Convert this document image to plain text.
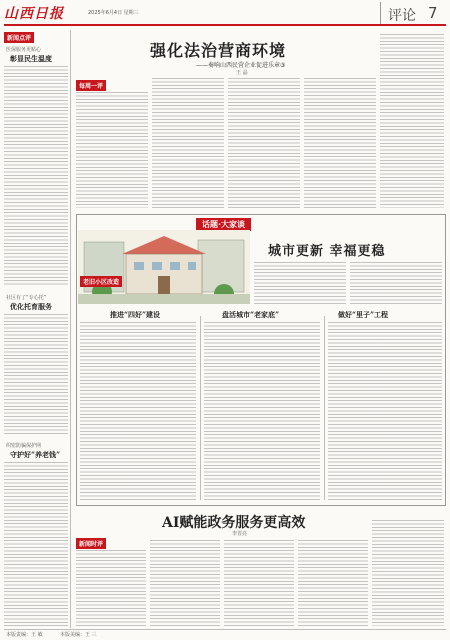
山西日报	2025年6月4日 星期三	评论 7
新闻点评
医保服务更贴心
彰显民生温度
社区有了“专心托”
优化托育服务
织密防骗保护网
守护好“养老钱”
每周一评
强化法治营商环境
——奏响山西民营企业促进乐章③
王 晶
话题·大家谈
老旧小区改造
城市更新 幸福更稳
推进“四好”建设	盘活城市“老家底”	做好“里子”工程
AI赋能政务服务更高效
李晋亮
新闻时评
本版责编：王 敏	本版美编：王 三
